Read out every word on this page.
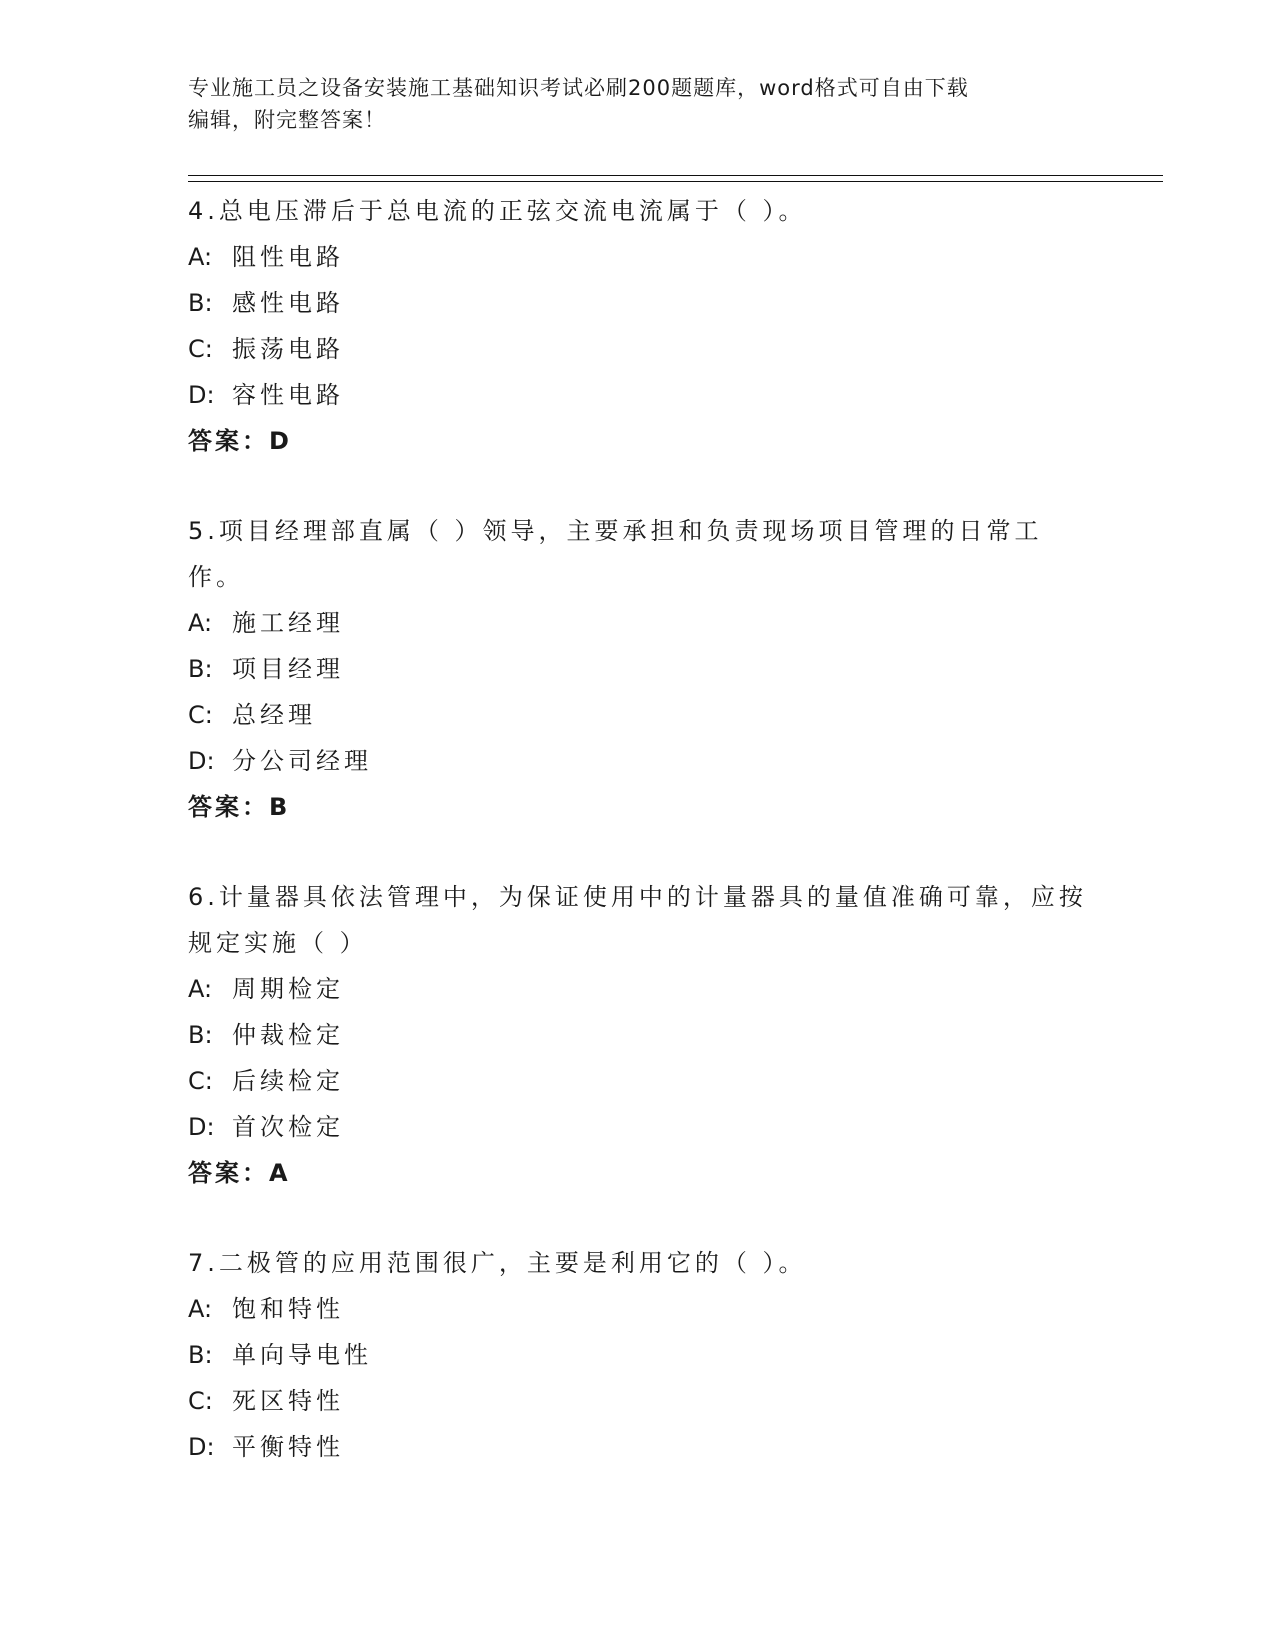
专业施工员之设备安装施工基础知识考试必刷200题题库，word格式可自由下载
编辑，附完整答案！

4.总电压滞后于总电流的正弦交流电流属于（ ）。

A: 阻性电路

B: 感性电路

C: 振荡电路

D: 容性电路

答案：D

5.项目经理部直属（ ）领导，主要承担和负责现场项目管理的日常工作。

A: 施工经理

B: 项目经理

C: 总经理

D: 分公司经理

答案：B

6.计量器具依法管理中，为保证使用中的计量器具的量值准确可靠，应按规定实施（ ）

A: 周期检定

B: 仲裁检定

C: 后续检定

D: 首次检定

答案：A

7.二极管的应用范围很广，主要是利用它的（ ）。

A: 饱和特性

B: 单向导电性

C: 死区特性

D: 平衡特性
